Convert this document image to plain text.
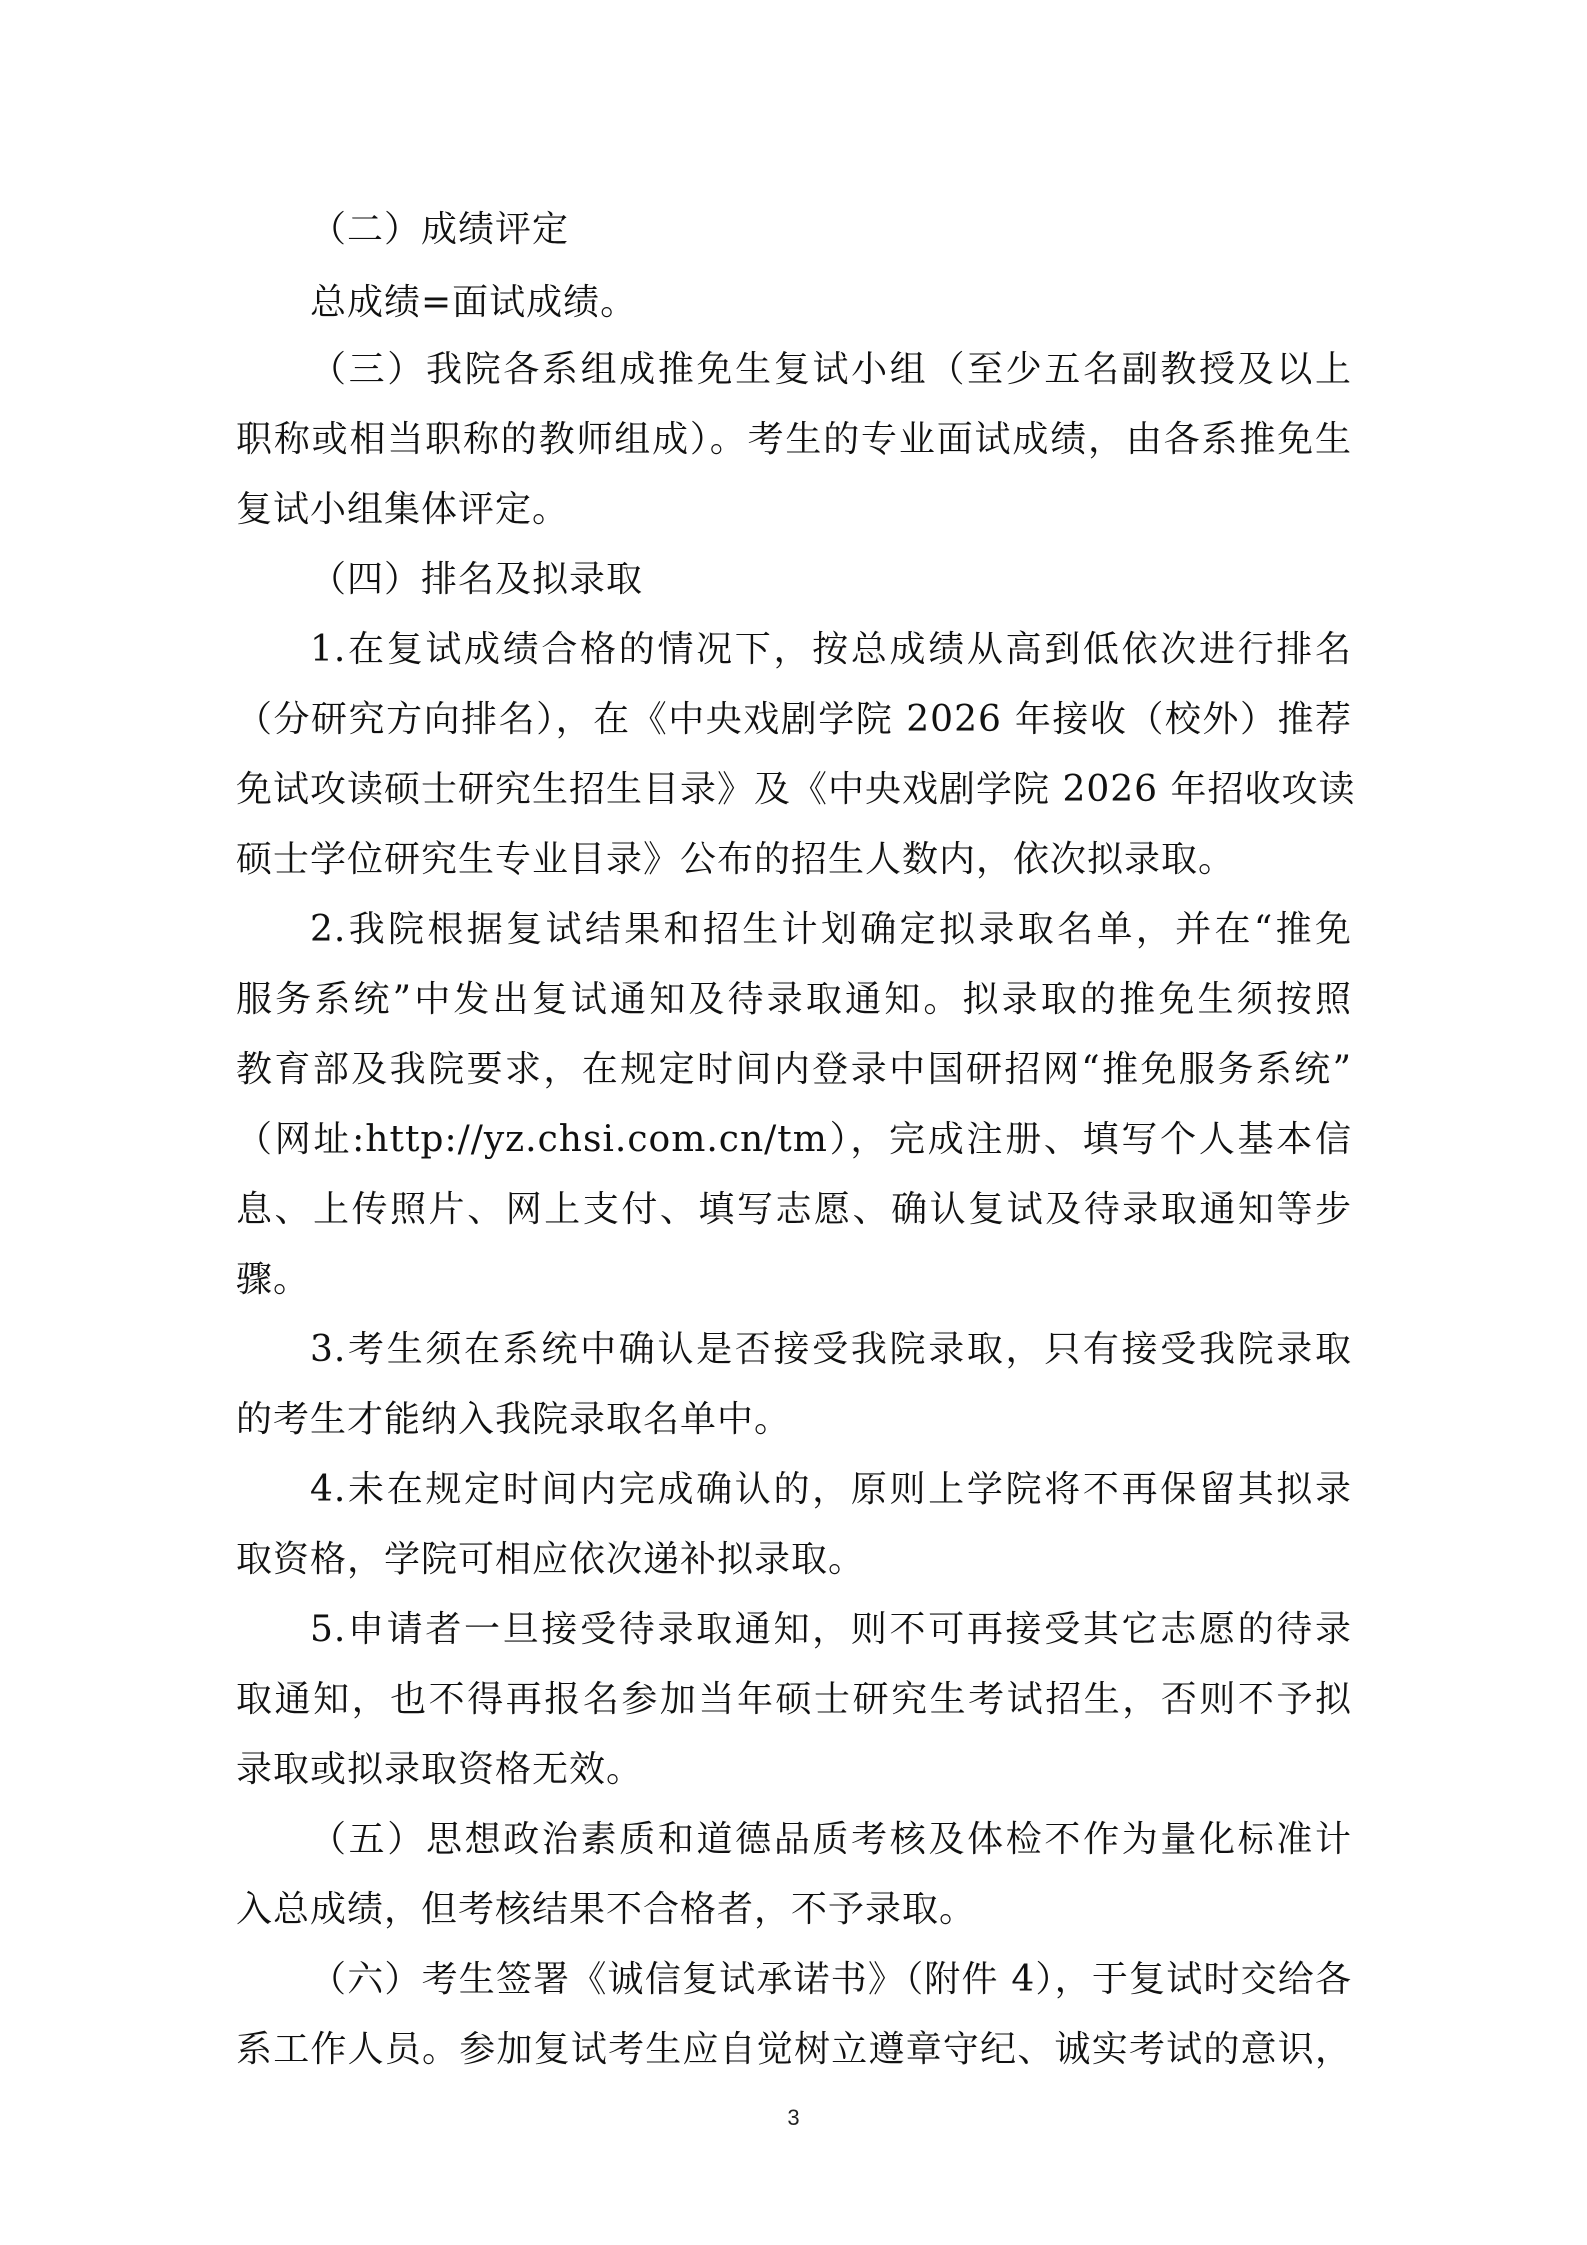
（二）成绩评定
总成绩=面试成绩。
（三）我院各系组成推免生复试小组（至少五名副教授及以上
职称或相当职称的教师组成）。考生的专业面试成绩，由各系推免生
复试小组集体评定。
（四）排名及拟录取
1.在复试成绩合格的情况下，按总成绩从高到低依次进行排名
（分研究方向排名），在《中央戏剧学院 2026 年接收（校外）推荐
免试攻读硕士研究生招生目录》及《中央戏剧学院 2026 年招收攻读
硕士学位研究生专业目录》公布的招生人数内，依次拟录取。
2.我院根据复试结果和招生计划确定拟录取名单，并在“推免
服务系统”中发出复试通知及待录取通知。拟录取的推免生须按照
教育部及我院要求，在规定时间内登录中国研招网“推免服务系统”
（网址:http://yz.chsi.com.cn/tm），完成注册、填写个人基本信
息、上传照片、网上支付、填写志愿、确认复试及待录取通知等步
骤。
3.考生须在系统中确认是否接受我院录取，只有接受我院录取
的考生才能纳入我院录取名单中。
4.未在规定时间内完成确认的，原则上学院将不再保留其拟录
取资格，学院可相应依次递补拟录取。
5.申请者一旦接受待录取通知，则不可再接受其它志愿的待录
取通知，也不得再报名参加当年硕士研究生考试招生，否则不予拟
录取或拟录取资格无效。
（五）思想政治素质和道德品质考核及体检不作为量化标准计
入总成绩，但考核结果不合格者，不予录取。
（六）考生签署《诚信复试承诺书》（附件 4），于复试时交给各
系工作人员。参加复试考生应自觉树立遵章守纪、诚实考试的意识，
3
